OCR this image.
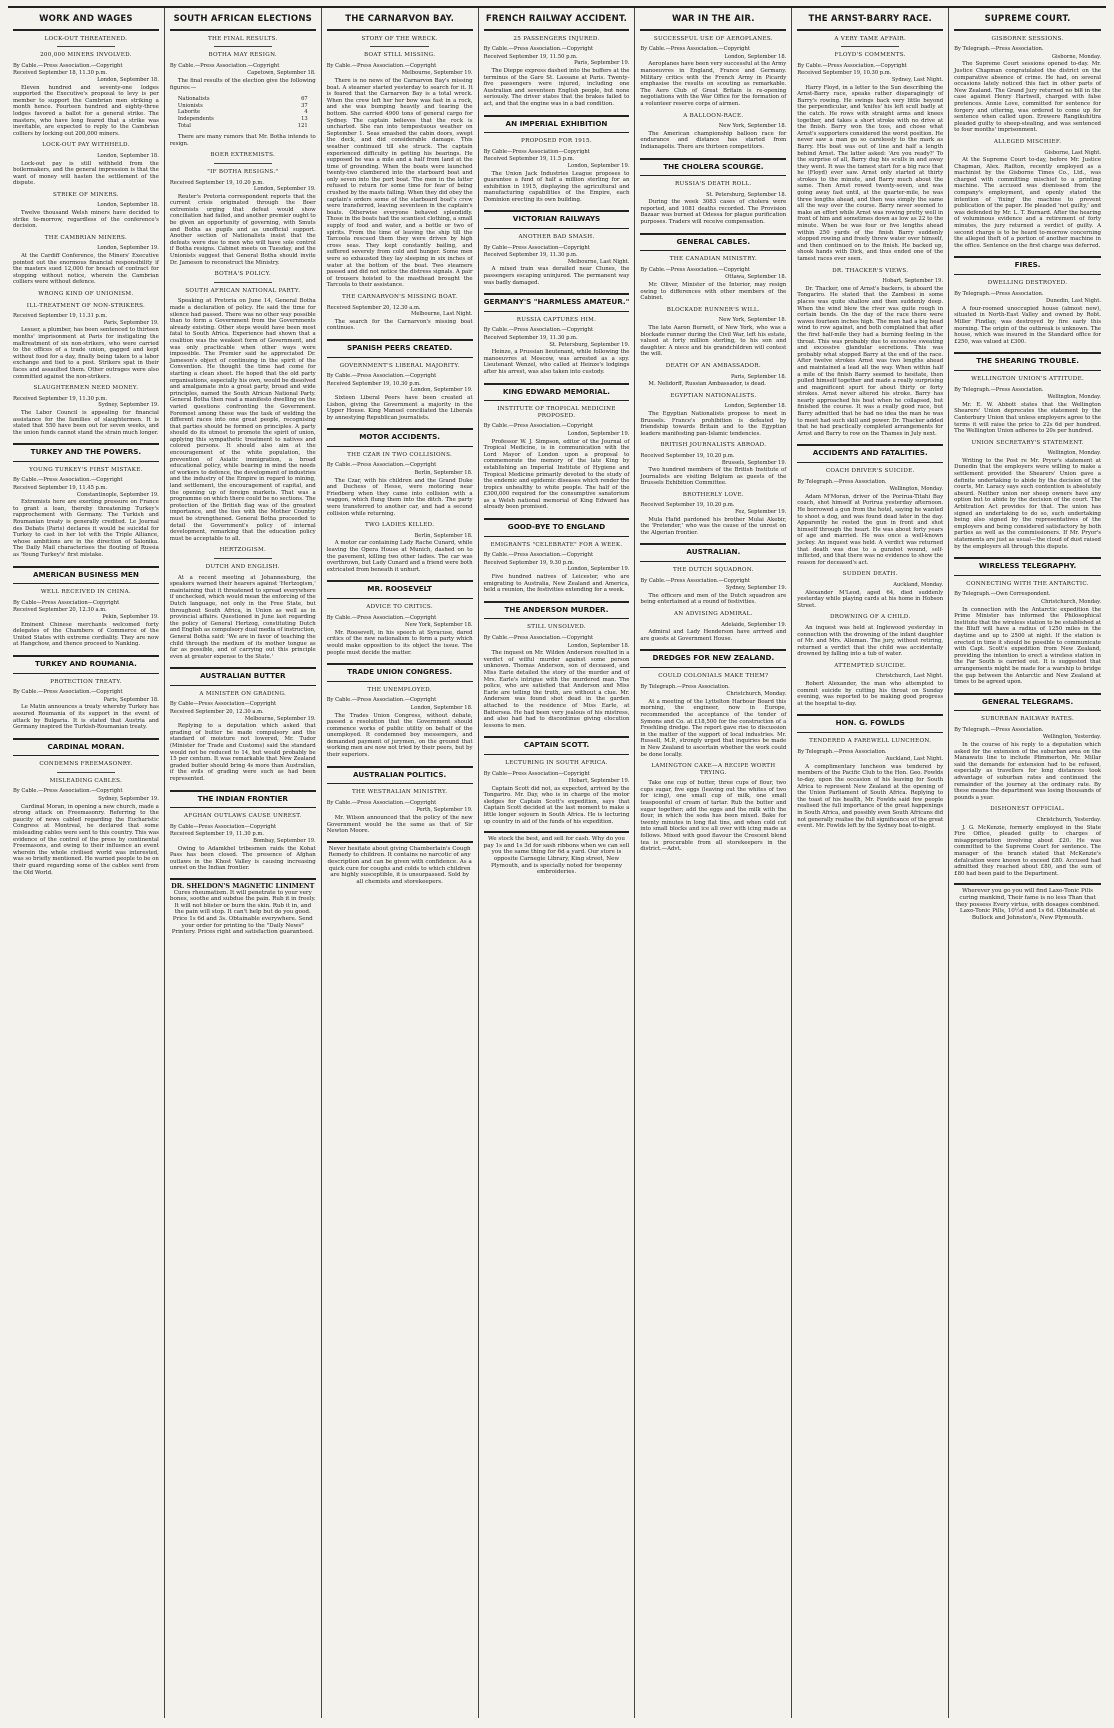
WORK AND WAGES
LOCK-OUT THREATENED.
200,000 MINERS INVOLVED.
By Cable.—Press Association.—Copyright
Received September 18, 11.30 p.m.
London, September 18.

Eleven hundred and seventy-one lodges supported the Executive's proposal to levy is per member to support the Cambrian men striking a month hence. Fourteen hundred and eighty-three lodges favored a ballot for a general strike. The masters, who have long feared that a strike was inevitable, are expected to reply to the Cambrian colliers by locking out 200,000 miners.

LOCK-OUT PAY WITHHELD.
London, September 18.

Lock-out pay is still withheld from the boilermakers, and the general impression is that the want of money will hasten the settlement of the dispute.

STRIKE OF MINERS.
London, September 18.

Twelve thousand Welsh miners have decided to strike to-morrow, regardless of the conference's decision.

THE CAMBRIAN MINERS.
London, September 19.

At the Cardiff Conference, the Miners' Executive pointed out the enormous financial responsibility if the masters sued 12,000 for breach of contract for stopping without notice, wherein the Cambrian colliers were without defence.

WRONG KIND OF UNIONISM.
ILL-TREATMENT OF NON-STRIKERS.
Received September 19, 11.31 p.m.
Paris, September 19.

Lesuer, a plumber, has been sentenced to thirteen months' imprisonment at Paris for instigating the maltreatment of six non-strikers, who were carried to the offices of a trade union, gagged and kept without food for a day, finally being taken to a labor exchange and tied to a post. Strikers spat in their faces and assaulted them. Other outrages were also committed against the non-strikers.

SLAUGHTERMEN NEED MONEY.
Received September 19, 11.30 p.m.
Sydney, September 19.

The Labor Council is appealing for financial assistance for the families of slaughtermen. It is stated that 550 have been out for seven weeks, and the union funds cannot stand the strain much longer.

TURKEY AND THE POWERS.
YOUNG TURKEY'S FIRST MISTAKE.
By Cable.—Press Association.—Copyright
Received September 19, 11.45 p.m.
Constantinople, September 19.

Extremists here are exerting pressure on France to grant a loan, thereby threatening Turkey's rapprochement with Germany. The Turkish and Roumanian treaty is generally credited. Le Journal des Debats (Paris) declares it would be suicidal for Turkey to cast in her lot with the Triple Alliance, whose ambitions are in the direction of Salonika. The Daily Mail characterises the flouting of Russia as 'Young Turkey's' first mistake.

AMERICAN BUSINESS MEN
WELL RECEIVED IN CHINA.
By Cable—Press Association—Copyright
Received September 20, 12.30 a.m.
Pekin, September 19.

Eminent Chinese merchants welcomed forty delegates of the Chambers of Commerce of the United States with extreme cordiality. They are now at Hangchow, and thence proceed to Nanking.

TURKEY AND ROUMANIA.
PROTECTION TREATY.
By Cable.—Press Association.—Copyright
Paris, September 18.

Le Matin announces a treaty whereby Turkey has assured Roumania of its support in the event of attack by Bulgaria. It is stated that Austria and Germany inspired the Turkish-Roumanian treaty.

CARDINAL MORAN.
CONDEMNS FREEMASONRY.
MISLEADING CABLES.
By Cable.—Press Association.—Copyright
Sydney, September 19.

Cardinal Moran, in opening a new church, made a strong attack on Freemasonry. Referring to the paucity of news cabled regarding the Eucharistic Congress at Montreal, he declared that some misleading cables were sent to this country. This was evidence of the control of the press by continental Freemasons, and owing to their influence an event wherein the whole civilised world was interested, was so briefly mentioned. He warned people to be on their guard regarding some of the cables sent from the Old World.

SOUTH AFRICAN ELECTIONS
THE FINAL RESULTS.
BOTHA MAY RESIGN.
By Cable.—Press Association.—Copyright
Capetown, September 18.

The final results of the election give the following figures:—

Nationalists	67
Unionists	37
Laborite	4
Independents	13
Total	121

There are many rumors that Mr. Botha intends to resign.

BOER EXTREMISTS.
"IF BOTHA RESIGNS."
Received September 19, 10.20 p.m.
London, September 19.

Reuter's Pretoria correspondent reports that the current crisis originated through the Boer extremists urging that defeat would show conciliation had failed, and another premier ought to be given an opportunity of governing, with Smuts and Botha as pupils and as unofficial support. Another section of Nationalists insist that the defeats were due to men who will have sole control if Botha resigns. Cabinet meets on Tuesday, and the Unionists suggest that General Botha should invite Dr. Jameson to reconstruct the Ministry.

BOTHA'S POLICY.
SOUTH AFRICAN NATIONAL PARTY.

Speaking at Pretoria on June 14, General Botha made a declaration of policy. He said the time for silence had passed. There was no other way possible than to form a Government from the Governments already existing. Other steps would have been most fatal to South Africa. Experience had shown that a coalition was the weakest form of Government, and was only practicable when other ways were impossible. The Premier said he appreciated Dr. Jameson's object of continuing in the spirit of the Convention. He thought the time had come for starting a clean sheet. He hoped that the old party organisations, especially his own, would be dissolved and amalgamate into a great party, broad and wide principles, named the South African National Party. General Botha then read a manifesto dwelling on the varied questions confronting the Government. Foremost among these was the task of welding the different races into one great people, recognising that parties should be formed on principles. A party should do its utmost to promote the spirit of union, applying this sympathetic treatment to natives and colored persons. It should also aim at the encouragement of the white population, the prevention of Asiatic immigration, a broad educational policy, while bearing in mind the needs of workers to defence, the development of industries and the industry of the Empire in regard to mining, land settlement, the encouragement of capital, and the opening up of foreign markets. That was a programme on which there could be no sections. The protection of the British flag was of the greatest importance, and the ties with the Mother Country must be strengthened. General Botha proceeded to detail the Government's policy of internal development, remarking that the education policy must be acceptable to all.

HERTZOGISM.
DUTCH AND ENGLISH.

At a recent meeting at Johannesburg, the speakers warned their hearers against 'Hertzogism,' maintaining that it threatened to spread everywhere if unchecked, which would mean the enforcing of the Dutch language, not only in the Free State, but throughout South Africa, in Union as well as in provincial affairs. Questioned in June last regarding the policy of General Hertzog, constituting Dutch and English as compulsory dual media of instruction, General Botha said: 'We are in favor of teaching the child through the medium of its mother tongue as far as possible, and of carrying out this principle even at greater expense to the State.'

AUSTRALIAN BUTTER
A MINISTER ON GRADING.
By Cable—Press Association—Copyright
Received September 20, 12.30 a.m.
Melbourne, September 19.

Replying to a deputation which asked that grading of butter be made compulsory and the standard of moisture not lowered, Mr. Tudor (Minister for Trade and Customs) said the standard would not be reduced to 14, but would probably be 15 per centum. It was remarkable that New Zealand graded butter should bring 4s more than Australian, if the evils of grading were such as had been represented.

THE INDIAN FRONTIER
AFGHAN OUTLAWS CAUSE UNREST.
By Cable—Press Association—Copyright
Received September 19, 11.30 p.m.
Bombay, September 19.

Owing to Adamkhel tribesmen raids the Kohat Pass has been closed. The presence of Afghan outlaws in the Khost Valley is causing increasing unrest on the Indian frontier.

DR. SHELDON'S MAGNETIC LINIMENT
Cures rheumatism. It will penetrate to your very bones, soothe and subdue the pain. Rub it in freely. It will not blister or burn the skin. Rub it in, and the pain will stop. It can't help but do you good. Price 1s 6d and 3s. Obtainable everywhere. Send your order for printing to the "Daily News" Printery. Prices right and satisfaction guaranteed.
THE CARNARVON BAY.
STORY OF THE WRECK.
BOAT STILL MISSING.
By Cable.—Press Association.—Copyright
Melbourne, September 19.

There is no news of the Carnarvon Bay's missing boat. A steamer started yesterday to search for it. It is feared that the Carnarvon Bay is a total wreck. When the crew left her her bow was fast in a rock, and she was bumping heavily and tearing the bottom. She carried 4900 tons of general cargo for Sydney. The captain believes that the rock is uncharted. She ran into tempestuous weather on September 1. Seas smashed the cabin doors, swept the deck, and did considerable damage. This weather continued till she struck. The captain experienced difficulty in getting his bearings. He supposed he was a mile and a half from land at the time of grounding. When the boats were launched twenty-two clambered into the starboard boat and only seven into the port boat. The men in the latter refused to return for some time for fear of being crushed by the masts falling. When they did obey the captain's orders some of the starboard boat's crew were transferred, leaving seventeen in the captain's boats. Otherwise everyone behaved splendidly. Those in the boats had the scantiest clothing, a small supply of food and water, and a bottle or two of spirits. From the time of leaving the ship till the Tarcoola rescued them they were driven by high cross seas. They kept constantly bailing, and suffered severely from cold and hunger. Some men were so exhausted they lay sleeping in six inches of water at the bottom of the boat. Two steamers passed and did not notice the distress signals. A pair of trousers hoisted to the masthead brought the Tarcoola to their assistance.

THE CARNARVON'S MISSING BOAT.
Received September 20, 12.30 a.m.
Melbourne, Last Night.

The search for the Carnarvon's missing boat continues.

SPANISH PEERS CREATED.
GOVERNMENT'S LIBERAL MAJORITY.
By Cable.—Press Association.—Copyright
Received September 19, 10.30 p.m.
London, September 19.

Sixteen Liberal Peers have been created at Lisbon, giving the Government a majority in the Upper House. King Manuel conciliated the Liberals by annestying Republican journalists.

MOTOR ACCIDENTS.
THE CZAR IN TWO COLLISIONS.
By Cable.—Press Association.—Copyright
Berlin, September 18.

The Czar, with his children and the Grand Duke and Duchess of Hesse, were motoring near Friedberg when they came into collision with a waggon, which flung them into the ditch. The party were transferred to another car, and had a second collision while returning.

TWO LADIES KILLED.
Berlin, September 18.

A motor car containing Lady Rache Cunard, while leaving the Opera House at Munich, dashed on to the pavement, killing two other ladies. The car was overthrown, but Lady Cunard and a friend were both extricated from beneath it unhurt.

MR. ROOSEVELT
ADVICE TO CRITICS.
By Cable.—Press Association.—Copyright
New York, September 18.

Mr. Roosevelt, in his speech at Syracuse, dared critics of the new nationalism to form a party which would make opposition to its object the issue. The people must decide the matter.

TRADE UNION CONGRESS.
THE UNEMPLOYED.
By Cable.—Press Association.—Copyright
London, September 18.

The Trades Union Congress, without debate, passed a resolution that the Government should commence works of public utility on behalf of the unemployed. It condemned boy messengers, and demanded payment of jurymen, on the ground that working men are now not tried by their peers, but by their superiors.

AUSTRALIAN POLITICS.
THE WESTRALIAN MINISTRY.
By Cable.—Press Association.—Copyright
Perth, September 19.

Mr. Wilson announced that the policy of the new Government would be the same as that of Sir Newton Moore.

Never hesitate about giving Chamberlain's Cough Remedy to children. It contains no narcotic of any description and can be given with confidence. As a quick cure for coughs and colds to which children are highly susceptible, it is unsurpassed. Sold by all chemists and storekeepers.
FRENCH RAILWAY ACCIDENT.
25 PASSENGERS INJURED.
By Cable.—Press Association.—Copyright
Received September 19, 11.50 p.m.
Paris, September 19.

The Dieppe express dashed into the buffers at the terminus of the Gare St. Lassane at Paris. Twenty-five passengers were injured, including one Australian and seventeen English people, but none seriously. The driver states that the brakes failed to act, and that the engine was in a bad condition.

AN IMPERIAL EXHIBITION
PROPOSED FOR 1915.
By Cable—Press Association—Copyright
Received September 19, 11.5 p.m.
London, September 19.

The Union Jack Industries League proposes to guarantee a fund of half a million sterling for an exhibition in 1915, displaying the agricultural and manufacturing capabilities of the Empire, each Dominion erecting its own building.

VICTORIAN RAILWAYS
ANOTHER BAD SMASH.
By Cable—Press Association—Copyright
Received September 19, 11.30 p.m.
Melbourne, Last Night.

A mixed train was derailed near Clunes, the passengers escaping uninjured. The permanent way was badly damaged.

GERMANY'S "HARMLESS AMATEUR."
RUSSIA CAPTURES HIM.
By Cable.—Press Association.—Copyright
Received September 19, 11.30 p.m.
St. Petersburg, September 19.

Heinze, a Prussian lieutenant, while following the manoeuvres at Moscow, was arrested as a spy. Lieutenant Wenzel, who called at Heinze's lodgings after his arrest, was also taken into custody.

KING EDWARD MEMORIAL.
INSTITUTE OF TROPICAL MEDICINE PROPOSED.
By Cable.—Press Association.—Copyright
London, September 19.

Professor W. J. Simpson, editor of the Journal of Tropical Medicine, is in communication with the Lord Mayor of London upon a proposal to commemorate the memory of the late King by establishing an Imperial Institute of Hygiene and Tropical Medicine primarily devoted to the study of the endemic and epidemic diseases which render the tropics unhealthy to white people. The half of the £300,000 required for the consumptive sanatorium as a Welsh national memorial of King Edward has already been promised.

GOOD-BYE TO ENGLAND
EMIGRANTS "CELEBRATE" FOR A WEEK.
By Cable.—Press Association.—Copyright
Received September 19, 9.30 p.m.
London, September 19.

Five hundred natives of Leicester, who are emigrating to Australia, New Zealand and America, held a reunion, the festivities extending for a week.

THE ANDERSON MURDER.
STILL UNSOLVED.
By Cable.—Press Association.—Copyright
London, September 18.

The inquest on Mr. Wilden Anderson resulted in a verdict of wilful murder against some person unknown. Thomas Anderson, son of deceased, and Miss Earle detailed the story of the murder and of Mrs. Earle's intrigue with the murdered man. The police, who are satisfied that Anderson and Miss Earle are telling the truth, are without a clue. Mr. Anderson was found shot dead in the garden attached to the residence of Miss Earle, at Battersea. He had been very jealous of his mistress, and also had had to discontinue giving elocution lessons to men.

CAPTAIN SCOTT.
LECTURING IN SOUTH AFRICA.
By Cable—Press Association—Copyright
Hobart, September 19.

Captain Scott did not, as expected, arrived by the Tongariro. Mr. Day, who is in charge of the motor sledges for Captain Scott's expedition, says that Captain Scott decided at the last moment to make a little longer sojourn in South Africa. He is lecturing up country in aid of the funds of his expedition.

We stock the best, and sell for cash. Why do you pay 1s and 1s 3d for sash ribbons when we can sell you the same thing for 6d a yard. Our store is opposite Carnegie Library, King street, New Plymouth, and is specially noted for twopenny embroideries.
WAR IN THE AIR.
SUCCESSFUL USE OF AEROPLANES.
By Cable.—Press Association.—Copyright
London, September 18.

Aeroplanes have been very successful at the Army manoeuvres in England, France and Germany. Military critics with the French Army in Picardy emphasise the results on scouting as remarkable. The Aero Club of Great Britain is re-opening negotiations with the War Office for the formation of a volunteer reserve corps of airmen.

A BALLOON-RACE.
New York, September 18.

The American championship balloon race for endurance and distance has started from Indianapolis. There are thirteen competitors.

THE CHOLERA SCOURGE.
RUSSIA'S DEATH ROLL.
St. Petersburg, September 18.

During the week 3083 cases of cholera were reported, and 1081 deaths recorded. The Provision Bazaar was burned at Odessa for plague purification purposes. Traders will receive compensation.

GENERAL CABLES.
THE CANADIAN MINISTRY.
By Cable.—Press Association.—Copyright
Ottawa, September 18.

Mr. Oliver, Minister of the Interior, may resign owing to differences with other members of the Cabinet.

BLOCKADE RUNNER'S WILL.
New York, September 18.

The late Aaron Burnett, of New York, who was a blockade runner during the Civil War, left his estate, valued at forty million sterling, to his son and daughter. A niece and his grandchildren will contest the will.

DEATH OF AN AMBASSADOR.
Paris, September 18.

M. Nelidorff, Russian Ambassador, is dead.

EGYPTIAN NATIONALISTS.
London, September 18.

The Egyptian Nationalists propose to meet in Brussels. France's prohibition is defeated by friendship towards Britain and to the Egyptian leaders manifesting pan-Islamic tendencies.

BRITISH JOURNALISTS ABROAD.
Received September 19, 10.20 p.m.
Brussels, September 19.

Two hundred members of the British Institute of Journalists are visiting Belgium as guests of the Brussels Exhibition Committee.

BROTHERLY LOVE.
Received September 19, 10.20 p.m.
Fez, September 19.

Mula Hafid pardoned his brother Mulai Akebir, the 'Pretender,' who was the cause of the unrest on the Algerian frontier.

AUSTRALIAN.
THE DUTCH SQUADRON.
By Cable.—Press Association.—Copyright
Sydney, September 19.

The officers and men of the Dutch squadron are being entertained at a round of festivities.

AN ADVISING ADMIRAL.
Adelaide, September 19.

Admiral and Lady Henderson have arrived and are guests at Government House.

DREDGES FOR NEW ZEALAND.
COULD COLONIALS MAKE THEM?
By Telegraph.—Press Association.
Christchurch, Monday.

At a meeting of the Lyttelton Harbour Board this morning, the engineer, now in Europe, recommended the acceptance of the tender of Symons and Co. at £18,500 for the construction of a Freehling dredge. The report gave rise to discussion in the matter of the support of local industries. Mr. Russell, M.P., strongly urged that inquiries be made in New Zealand to ascertain whether the work could be done locally.

LAMINGTON CAKE—A RECIPE WORTH TRYING.

Take one cup of butter, three cups of flour, two cups sugar, five eggs (leaving out the whites of two for icing), one small cup of milk, one small teaspoonful of cream of tartar. Rub the butter and sugar together; add the eggs and the milk with the flour, in which the soda has been mixed. Bake for twenty minutes in long flat tins, and when cold cut into small blocks and ice all over with icing made as follows. Mixed with good flavour the Crescent blend tea is procurable from all storekeepers in the district.—Advt.

THE ARNST-BARRY RACE.
A VERY TAME AFFAIR.
FLOYD'S COMMENTS.
By Cable.—Press Association.—Copyright
Received September 19, 10.30 p.m.
Sydney, Last Night.

Harry Floyd, in a letter to the Sun describing the Arnst-Barry race, speaks rather disparagingly of Barry's rowing. He swings back very little beyond the perpendicular, and 'knifes' his left scull badly at the catch. He rows with straight arms and knees together, and takes a short stroke with no drive at the finish. Barry won the toss, and chose what Arnst's supporters considered the worst position. He never saw a man go so carelessly to the mark as Barry. His boat was out of line and half a length behind Arnst. The latter asked: 'Are you ready?' To the surprise of all, Barry dug his sculls in and away they went. It was the tamest start for a big race that he (Floyd) ever saw. Arnst only started at thirty strokes to the minute, and Barry much about the same. Then Arnst rowed twenty-seven, and was going away fast until, at the quarter-mile, he was three lengths ahead, and then was simply the same all the way over the course. Barry never seemed to make an effort while Arnst was rowing pretty well in front of him and sometimes down as low as 22 to the minute. When he was four or five lengths ahead within 250 yards of the finish Barry suddenly stopped rowing and freely threw water over himself, and then continued on to the finish. He backed up, shook hands with Dick, and thus ended one of the tamest races ever seen.

DR. THACKER'S VIEWS.
Hobart, September 19.

Dr. Thacker, one of Arnst's backers, is aboard the Tongariro. He stated that the Zambesi in some places was quite shallow and then suddenly deep. When the wind blew the river was quite rough in certain bends. On the day of the race there were waves fourteen inches high. The men had a big head wind to row against, and both complained that after the first half-mile they had a burning feeling in the throat. This was probably due to excessive sweating and excessive glandular secretions. This was probably what stopped Barry at the end of the race. After twelve strokes Arnst was two lengths ahead and maintained a lead all the way. When within half a mile of the finish Barry seemed to hesitate, then pulled himself together and made a really surprising and magnificent spurt for about thirty or forty strokes. Arnst never altered his stroke. Barry has nearly approached his boat when he collapsed, but finished the course. It was a really good race, but Barry admitted that he had no idea the man he was to meet had such skill and power. Dr. Thacker added that he had practically completed arrangements for Arnst and Barry to row on the Thames in July next.

ACCIDENTS AND FATALITIES.
COACH DRIVER'S SUICIDE.
By Telegraph.—Press Association.
Wellington, Monday.

Adam M'Moran, driver of the Porirua-Titahi Bay coach, shot himself at Porirua yesterday afternoon. He borrowed a gun from the hotel, saying he wanted to shoot a dog, and was found dead later in the day. Apparently he rested the gun in front and shot himself through the heart. He was about forty years of age and married. He was once a well-known jockey. An inquest was held. A verdict was returned that death was due to a gunshot wound, self-inflicted, and that there was no evidence to show the reason for deceased's act.

SUDDEN DEATH.
Auckland, Monday.

Alexander M'Leod, aged 64, died suddenly yesterday while playing cards at his home in Hobson Street.

DROWNING OF A CHILD.

An inquest was held at Inglewood yesterday in connection with the drowning of the infant daughter of Mr. and Mrs. Alleman. The jury, without retiring, returned a verdict that the child was accidentally drowned by falling into a tub of water.

ATTEMPTED SUICIDE.
Christchurch, Last Night.

Robert Alexander, the man who attempted to commit suicide by cutting his throat on Sunday evening, was reported to be making good progress at the hospital to-day.

HON. G. FOWLDS
TENDERED A FAREWELL LUNCHEON.
By Telegraph.—Press Association.
Auckland, Last Night.

A complimentary luncheon was tendered by members of the Pacific Club to the Hon. Geo. Fowlds to-day, upon the occasion of his leaving for South Africa to represent New Zealand at the opening of the Union Parliament of South Africa. Replying to the toast of his health, Mr. Fowlds said few people realised the full importance of the great happenings in South Africa, and possibly even South Africans did not generally realise the full significance of the great event. Mr. Fowlds left by the Sydney boat to-night.

SUPREME COURT.
GISBORNE SESSIONS.
By Telegraph.—Press Association.
Gisborne, Monday.

The Supreme Court sessions opened to-day. Mr. Justice Chapman congratulated the district on the comparative absence of crime. He had, on several occasions lately noticed this fact in other parts of New Zealand. The Grand Jury returned no bill in the case against Henry Hartwell, charged with false pretences. Annie Love, committed for sentence for forgery and uttering, was ordered to come up for sentence when called upon. Erewere Rangikuhitira pleaded guilty to sheep-stealing, and was sentenced to four months' imprisonment.

ALLEGED MISCHIEF.
Gisborne, Last Night.

At the Supreme Court to-day, before Mr. Justice Chapman, Alex. Railton, recently employed as a machinist by the Gisborne Times Co., Ltd., was charged with committing mischief to a printing machine. The accused was dismissed from the company's employment, and openly stated the intention of 'fixing' the machine to prevent publication of the paper. He pleaded 'not guilty,' and was defended by Mr. L. T. Burnard. After the hearing of voluminous evidence and a retirement of forty minutes, the jury returned a verdict of guilty. A second charge is to be heard to-morrow concerning the alleged theft of a portion of another machine in the office. Sentence on the first charge was deferred.

FIRES.
DWELLING DESTROYED.
By Telegraph.—Press Association.
Dunedin, Last Night.

A four-roomed unoccupied house (almost new), situated in North-East Valley and owned by Robt. Miller Findlay, was destroyed by fire early this morning. The origin of the outbreak is unknown. The house, which was insured in the Standard office for £250, was valued at £300.

THE SHEARING TROUBLE.
WELLINGTON UNION'S ATTITUDE.
By Telegraph.—Press Association.
Wellington, Monday.

Mr. E. W. Abbott states that the Wellington Shearers' Union deprecates the statement by the Canterbury Union that unless employers agree to the terms it will raise the price to 22s 6d per hundred. The Wellington Union adheres to 20s per hundred.

UNION SECRETARY'S STATEMENT.
Wellington, Monday.

Writing to the Post re Mr. Pryor's statement at Dunedin that the employers were willing to make a settlement provided the Shearers' Union gave a definite undertaking to abide by the decision of the courts, Mr. Laracy says such contention is absolutely absurd. Neither union nor sheep owners have any option but to abide by the decision of the court. The Arbitration Act provides for that. The union has signed an undertaking to do so, such undertaking being also signed by the representatives of the employers and being considered satisfactory by both parties as well as the commissioners. If Mr. Pryor's statements are just as usual—the cloud of dust raised by the employers all through this dispute.

WIRELESS TELEGRAPHY.
CONNECTING WITH THE ANTARCTIC.
By Telegraph.—Own Correspondent.
Christchurch, Monday.

In connection with the Antarctic expedition the Prime Minister has informed the Philosophical Institute that the wireless station to be established at the Bluff will have a radius of 1250 miles in the daytime and up to 2500 at night. If the station is erected in time it should be possible to communicate with Capt. Scott's expedition from New Zealand, providing the intention to erect a wireless station in the Far South is carried out. It is suggested that arrangements might be made for a warship to bridge the gap between the Antarctic and New Zealand at times to be agreed upon.

GENERAL TELEGRAMS.
SUBURBAN RAILWAY RATES.
By Telegraph.—Press Association.
Wellington, Yesterday.

In the course of his reply to a deputation which asked for the extension of the suburban area on the Manawatu line to include Plimmerton, Mr. Millar said the demands for extension had to be refused, especially as travellers for long distances took advantage of suburban rates and continued the remainder of the journey at the ordinary rate. By these means the department was losing thousands of pounds a year.

DISHONEST OFFICIAL.
Christchurch, Yesterday.

J. G. McKenzie, formerly employed in the State Fire Office, pleaded guilty to charges of misappropriation involving about £20. He was committed to the Supreme Court for sentence. The manager of the branch stated that McKenzie's defalcation were known to exceed £80. Accused had admitted they reached about £80, and the sum of £80 had been paid to the Department.

Wherever you go you will find Laxo-Tonic Pills curing mankind, Their fame is no less Than that they possess Every virtue, with dosages combined. Laxo-Tonic Pills, 10½d and 1s 6d. Obtainable at Bullock and Johnston's, New Plymouth.
